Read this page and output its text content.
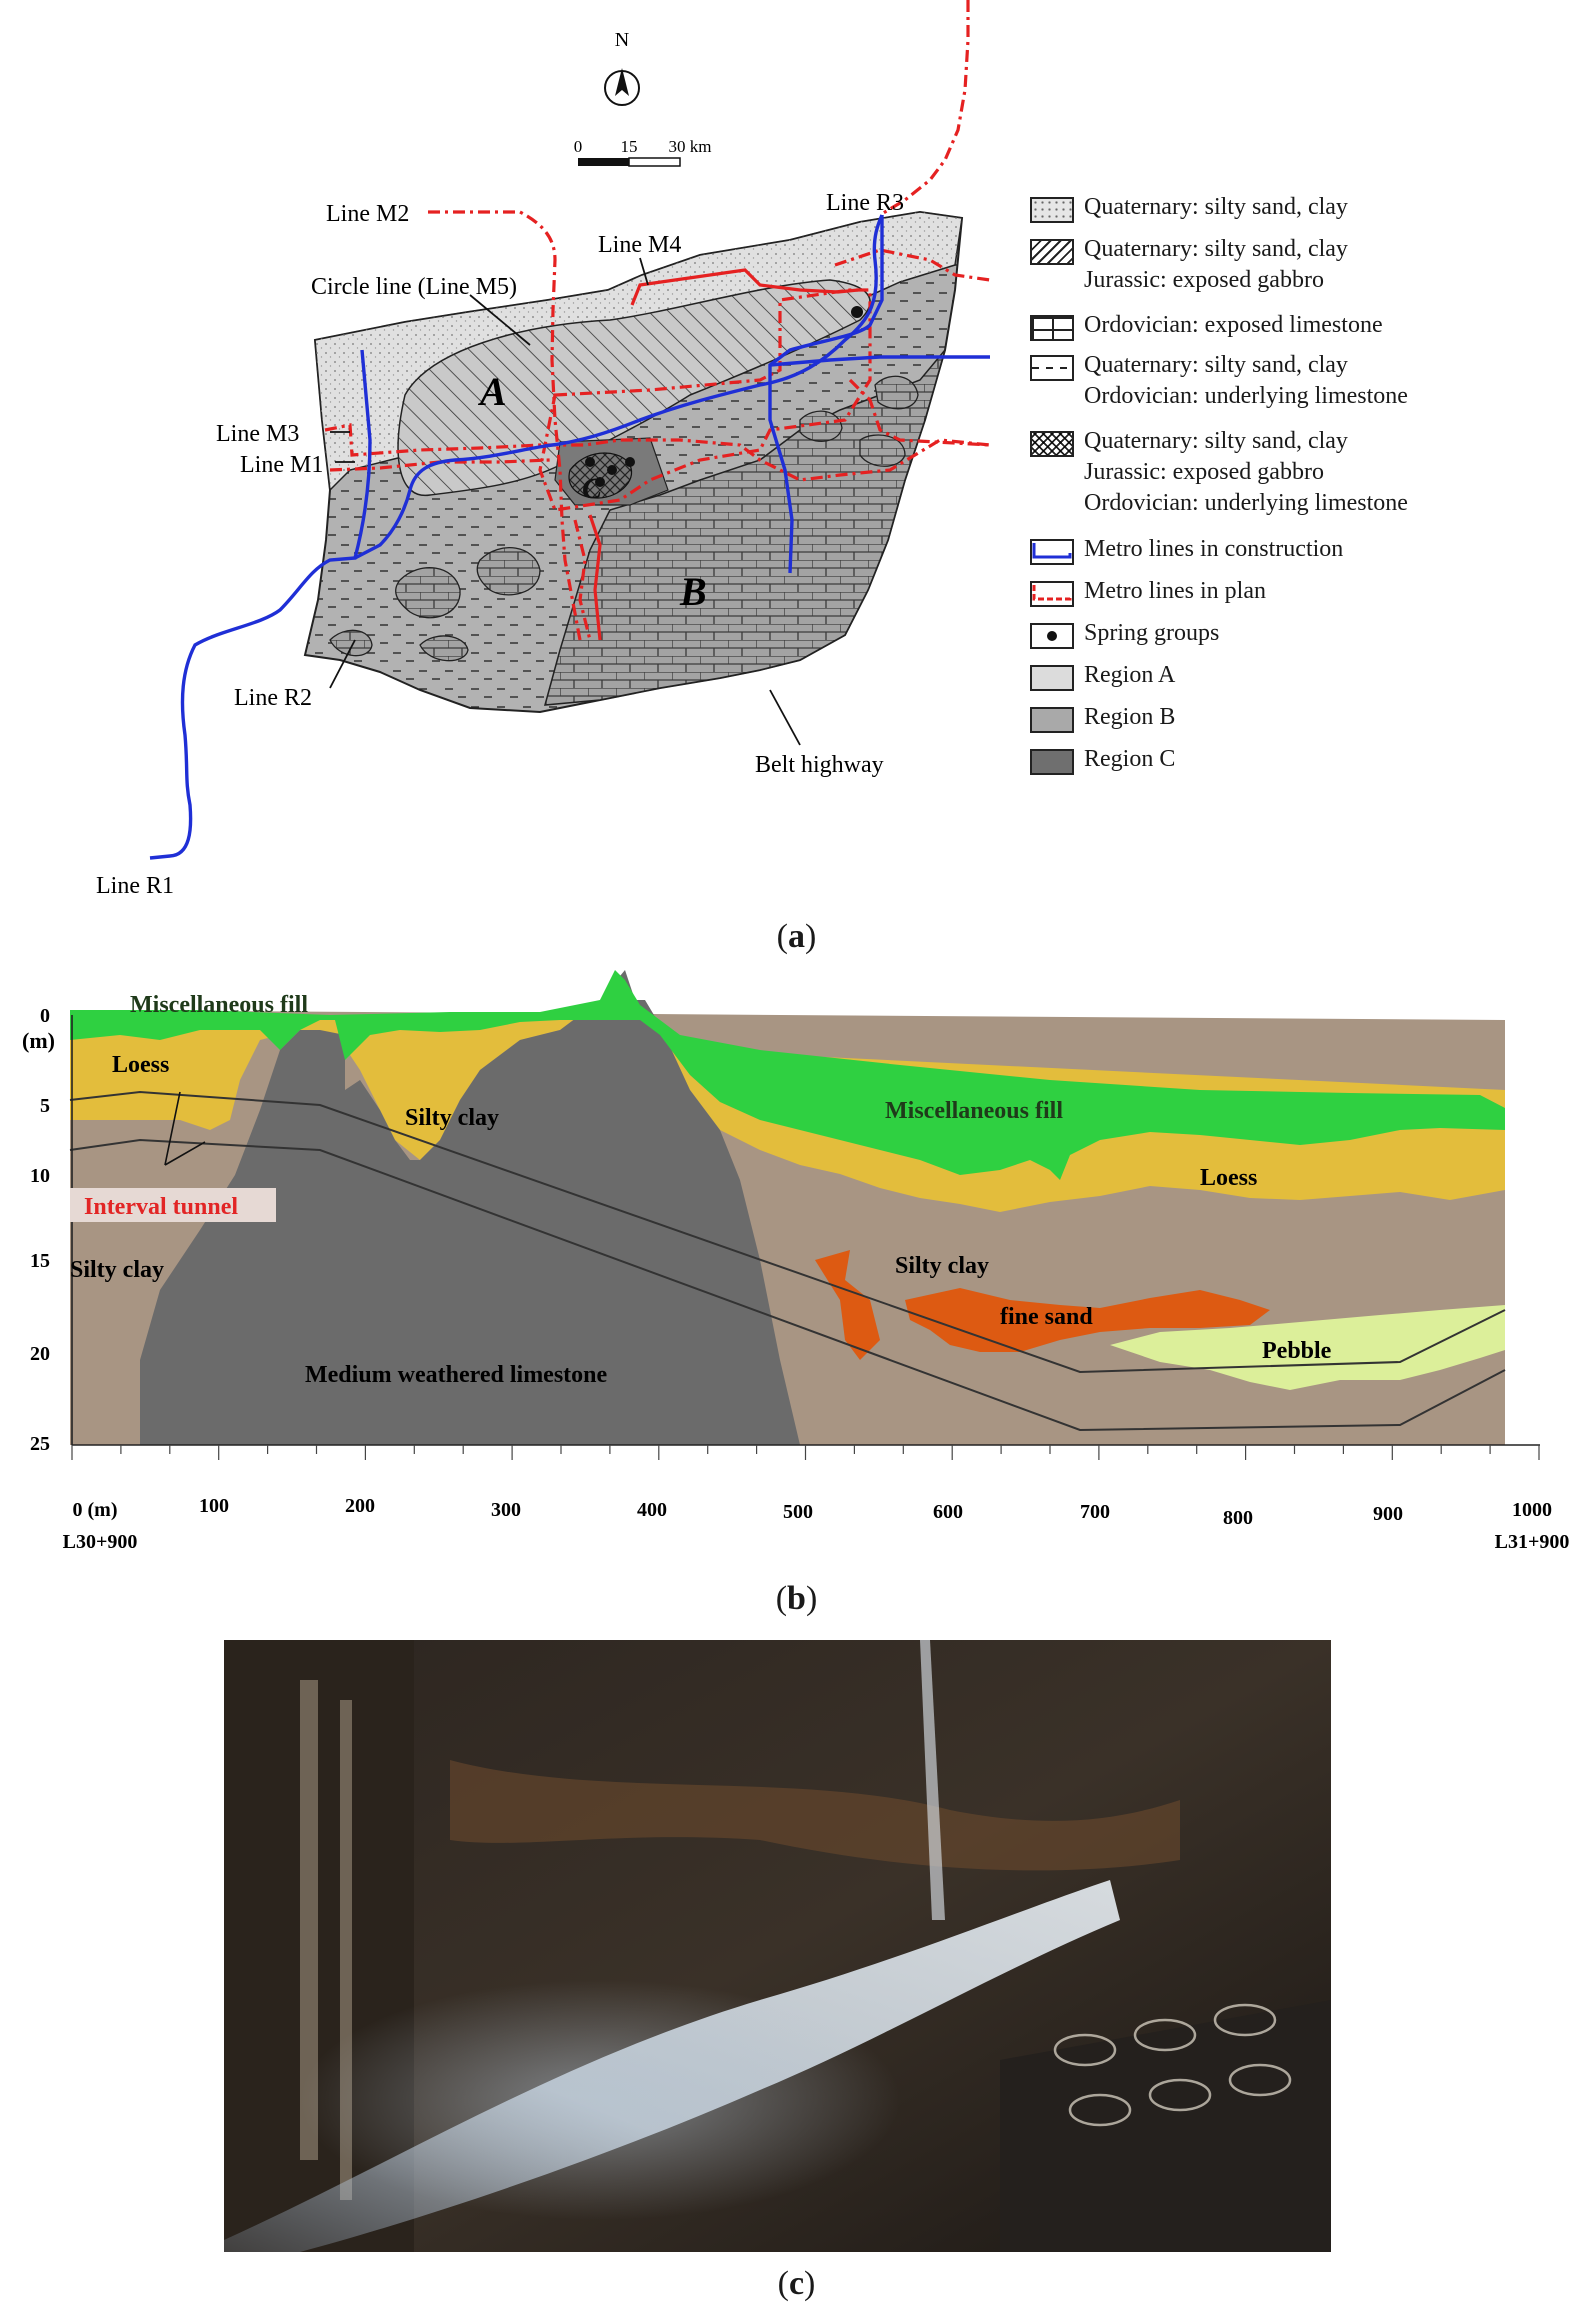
N
0 15 30 km
A
B
C
Line M2
Line M4
Line R3
Circle line (Line M5)
Line M3
Line M1
Line R2
Line R1
Belt highway
Quaternary: silty sand, clay
Quaternary: silty sand, clay
Jurassic: exposed gabbro
Ordovician: exposed limestone
Quaternary: silty sand, clay
Ordovician: underlying limestone
Quaternary: silty sand, clay
Jurassic: exposed gabbro
Ordovician: underlying limestone
Metro lines in construction
Metro lines in plan
Spring groups
Region A
Region B
Region C
(a)
(m)
0
5
10
15
20
25
0 (m)	100	200	300	400	500	600	700	800	900	1000
L30+900	L31+900
Miscellaneous fill
Miscellaneous fill
Loess
Loess
Silty clay
Silty clay	Silty clay
fine sand
Pebble
Medium weathered limestone
Interval tunnel
(b)
(c)
